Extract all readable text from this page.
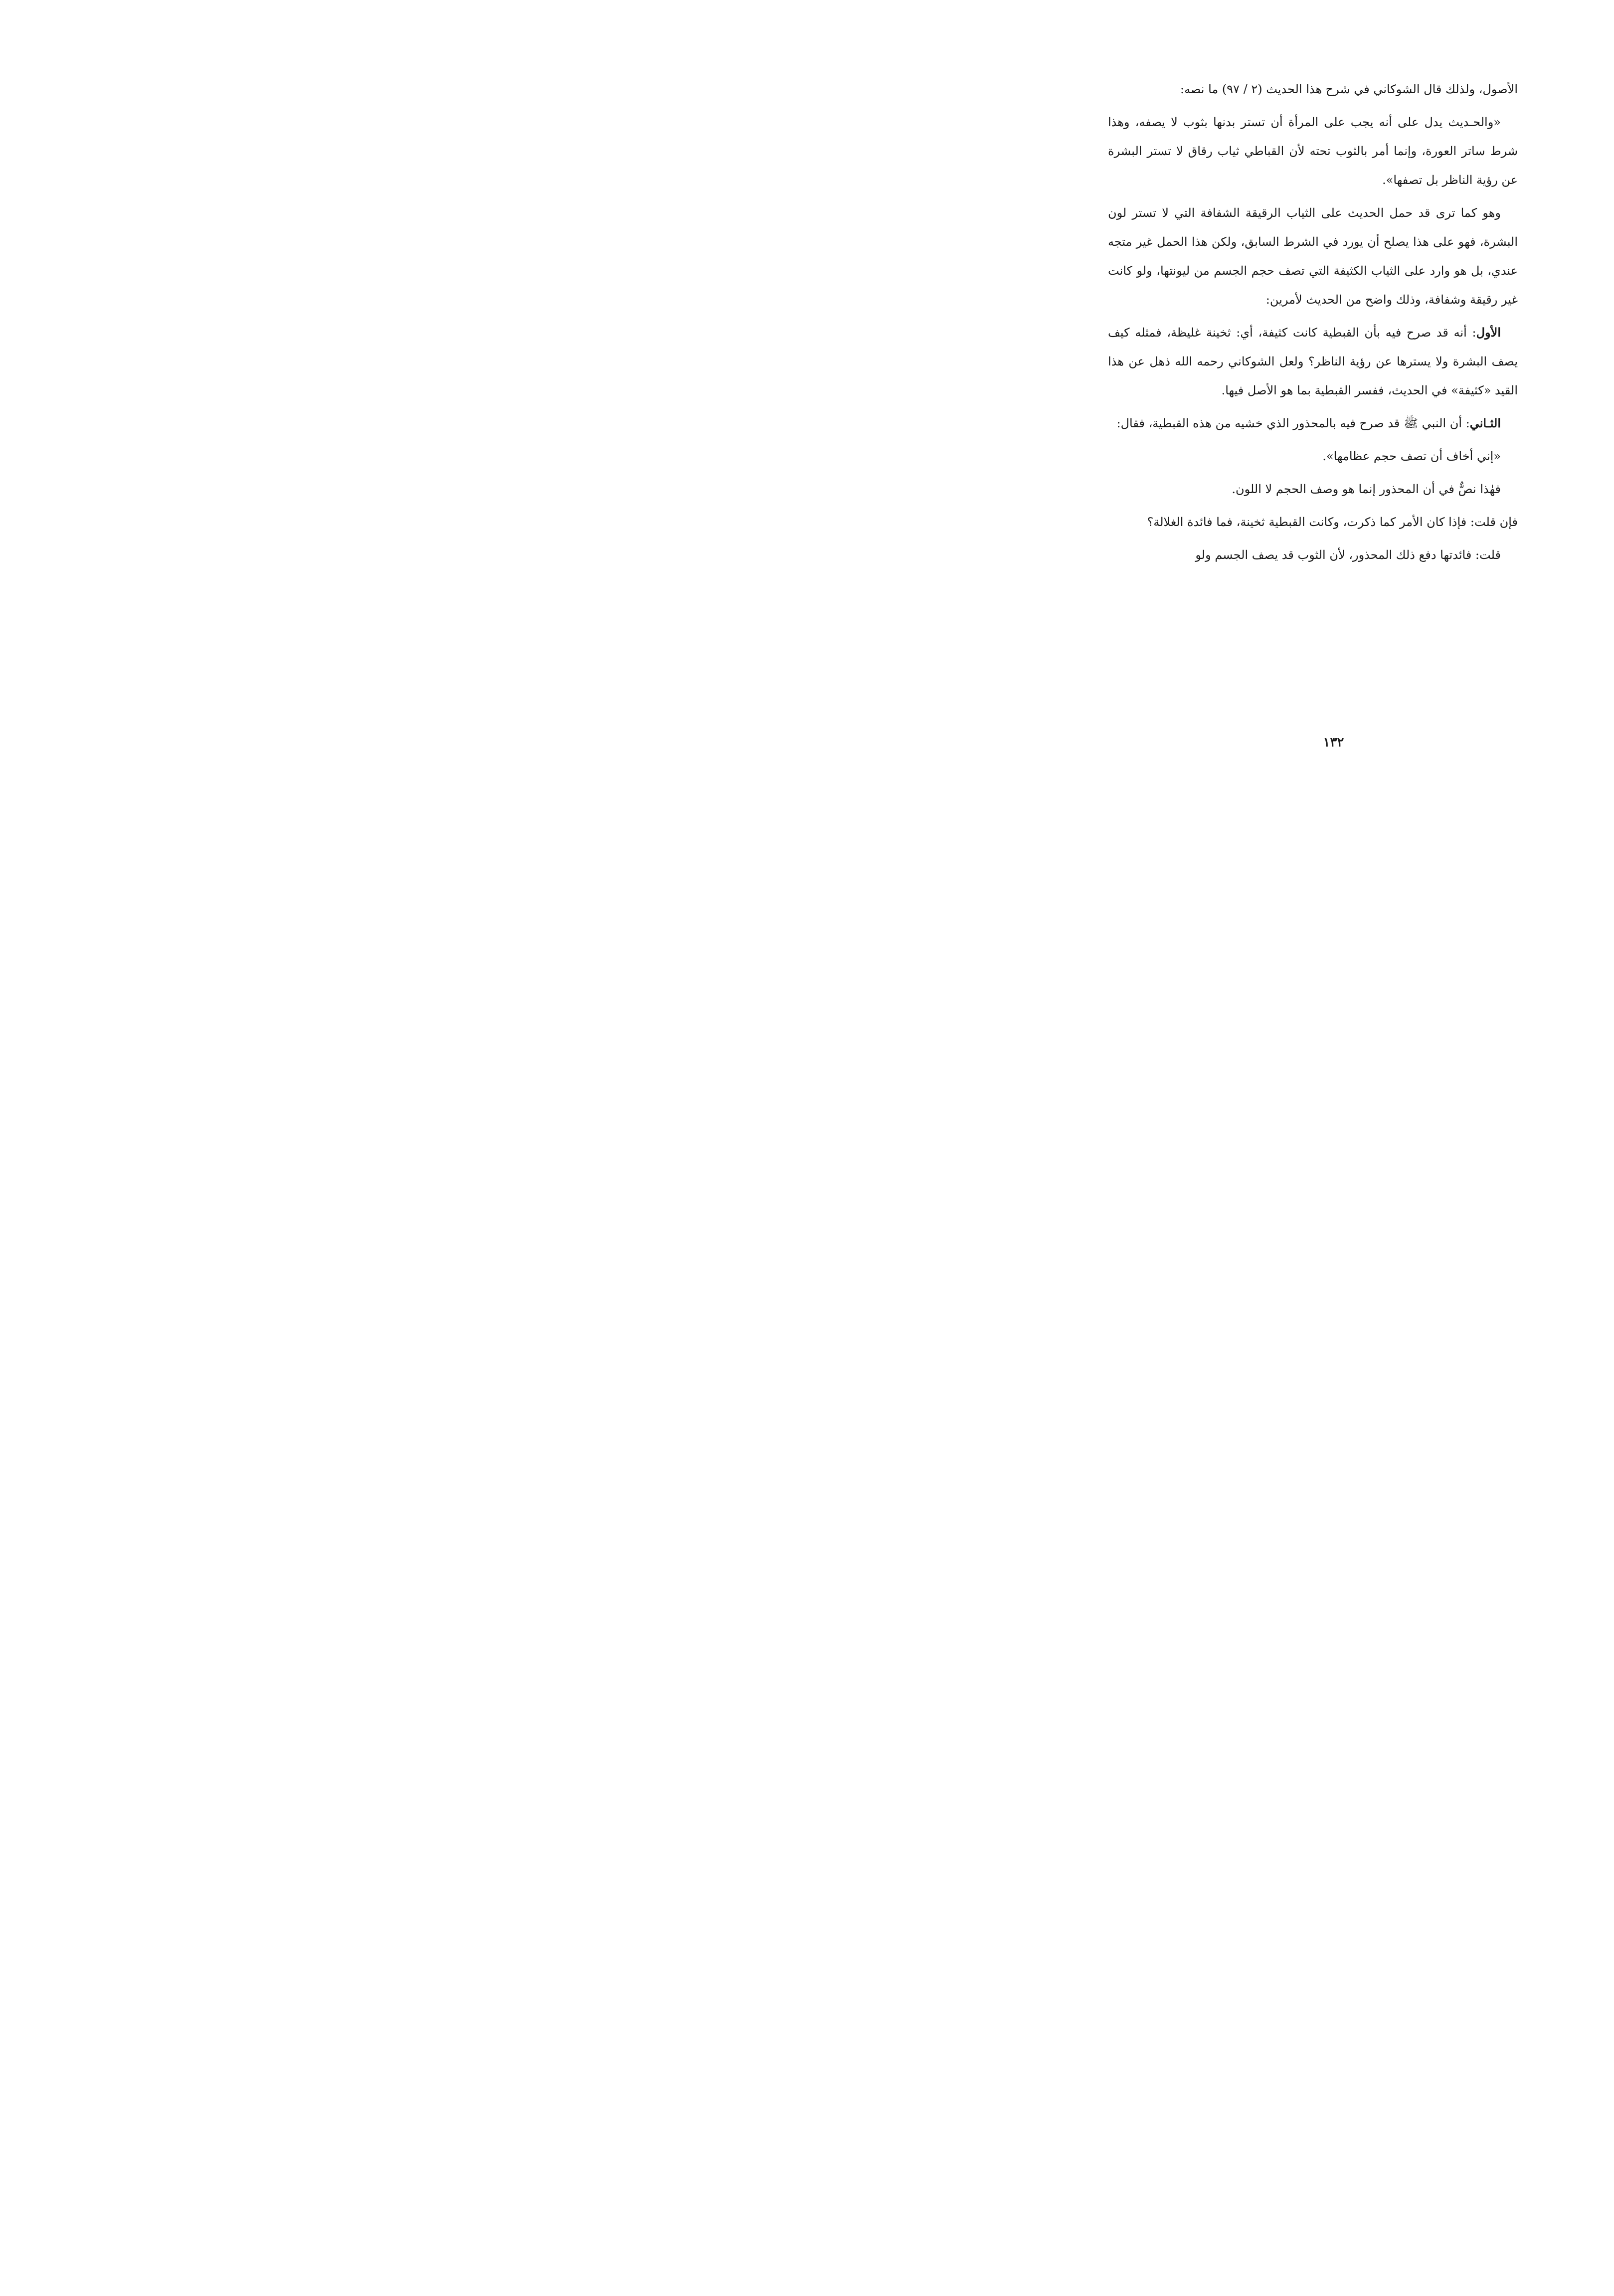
الأصول، ولذلك قال الشوكاني في شرح هذا الحديث (٢ / ٩٧) ما نصه:

«والحـديث يدل على أنه يجب على المرأة أن تستر بدنها بثوب لا يصفه، وهذا شرط ساتر العورة، وإنما أمر بالثوب تحته لأن القباطي ثياب رقاق لا تستر البشرة عن رؤية الناظر بل تصفها».

وهو كما ترى قد حمل الحديث على الثياب الرقيقة الشفافة التي لا تستر لون البشرة، فهو على هذا يصلح أن يورد في الشرط السابق، ولكن هذا الحمل غير متجه عندي، بل هو وارد على الثياب الكثيفة التي تصف حجم الجسم من ليونتها، ولو كانت غير رقيقة وشفافة، وذلك واضح من الحديث لأمرين:

الأول: أنه قد صرح فيه بأن القبطية كانت كثيفة، أي: ثخينة غليظة، فمثله كيف يصف البشرة ولا يسترها عن رؤية الناظر؟ ولعل الشوكاني رحمه الله ذهل عن هذا القيد «كثيفة» في الحديث، ففسر القبطية بما هو الأصل فيها.

الثـاني: أن النبي ﷺ قد صرح فيه بالمحذور الذي خشيه من هذه القبطية، فقال:

«إني أخاف أن تصف حجم عظامها».

فهٰذا نصٌّ في أن المحذور إنما هو وصف الحجم لا اللون.

فإن قلت: فإذا كان الأمر كما ذكرت، وكانت القبطية ثخينة، فما فائدة الغلالة؟

قلت: فائدتها دفع ذلك المحذور، لأن الثوب قد يصف الجسم ولو

١٣٢
